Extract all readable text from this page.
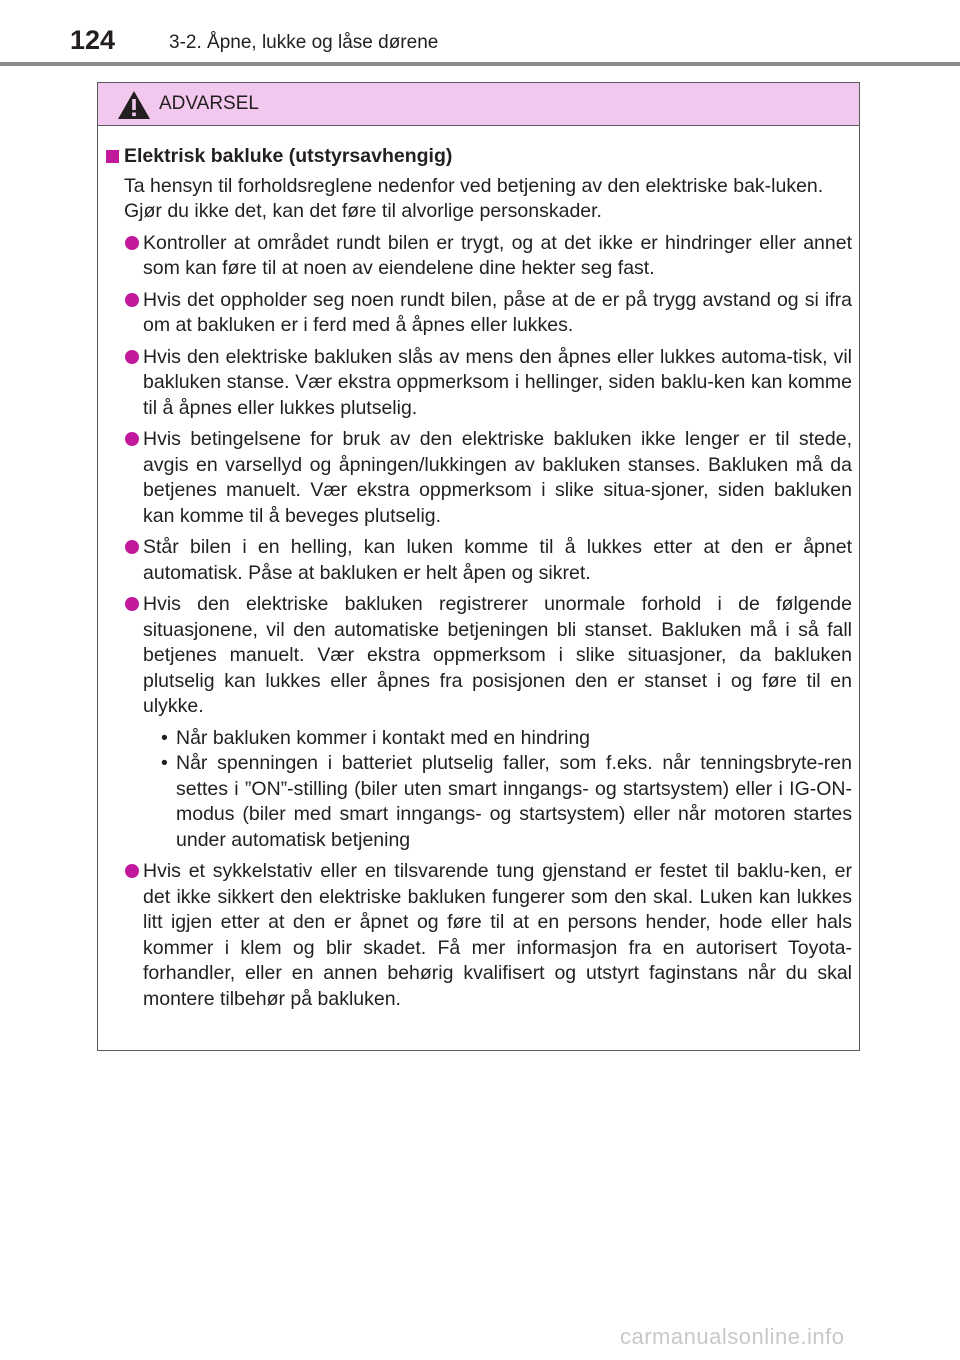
124	3-2. Åpne, lukke og låse dørene
ADVARSEL
Elektrisk bakluke (utstyrsavhengig)
Ta hensyn til forholdsreglene nedenfor ved betjening av den elektriske bak-luken.
Gjør du ikke det, kan det føre til alvorlige personskader.
Kontroller at området rundt bilen er trygt, og at det ikke er hindringer eller annet som kan føre til at noen av eiendelene dine hekter seg fast.
Hvis det oppholder seg noen rundt bilen, påse at de er på trygg avstand og si ifra om at bakluken er i ferd med å åpnes eller lukkes.
Hvis den elektriske bakluken slås av mens den åpnes eller lukkes automa-tisk, vil bakluken stanse. Vær ekstra oppmerksom i hellinger, siden baklu-ken kan komme til å åpnes eller lukkes plutselig.
Hvis betingelsene for bruk av den elektriske bakluken ikke lenger er til stede, avgis en varsellyd og åpningen/lukkingen av bakluken stanses. Bakluken må da betjenes manuelt. Vær ekstra oppmerksom i slike situa-sjoner, siden bakluken kan komme til å beveges plutselig.
Står bilen i en helling, kan luken komme til å lukkes etter at den er åpnet automatisk. Påse at bakluken er helt åpen og sikret.
Hvis den elektriske bakluken registrerer unormale forhold i de følgende situasjonene, vil den automatiske betjeningen bli stanset. Bakluken må i så fall betjenes manuelt. Vær ekstra oppmerksom i slike situasjoner, da bakluken plutselig kan lukkes eller åpnes fra posisjonen den er stanset i og føre til en ulykke.
• Når bakluken kommer i kontakt med en hindring
• Når spenningen i batteriet plutselig faller, som f.eks. når tenningsbryte-ren settes i ”ON”-stilling (biler uten smart inngangs- og startsystem) eller i IG-ON-modus (biler med smart inngangs- og startsystem) eller når motoren startes under automatisk betjening
Hvis et sykkelstativ eller en tilsvarende tung gjenstand er festet til baklu-ken, er det ikke sikkert den elektriske bakluken fungerer som den skal. Luken kan lukkes litt igjen etter at den er åpnet og føre til at en persons hender, hode eller hals kommer i klem og blir skadet. Få mer informasjon fra en autorisert Toyota-forhandler, eller en annen behørig kvalifisert og utstyrt faginstans når du skal montere tilbehør på bakluken.
carmanualsonline.info
